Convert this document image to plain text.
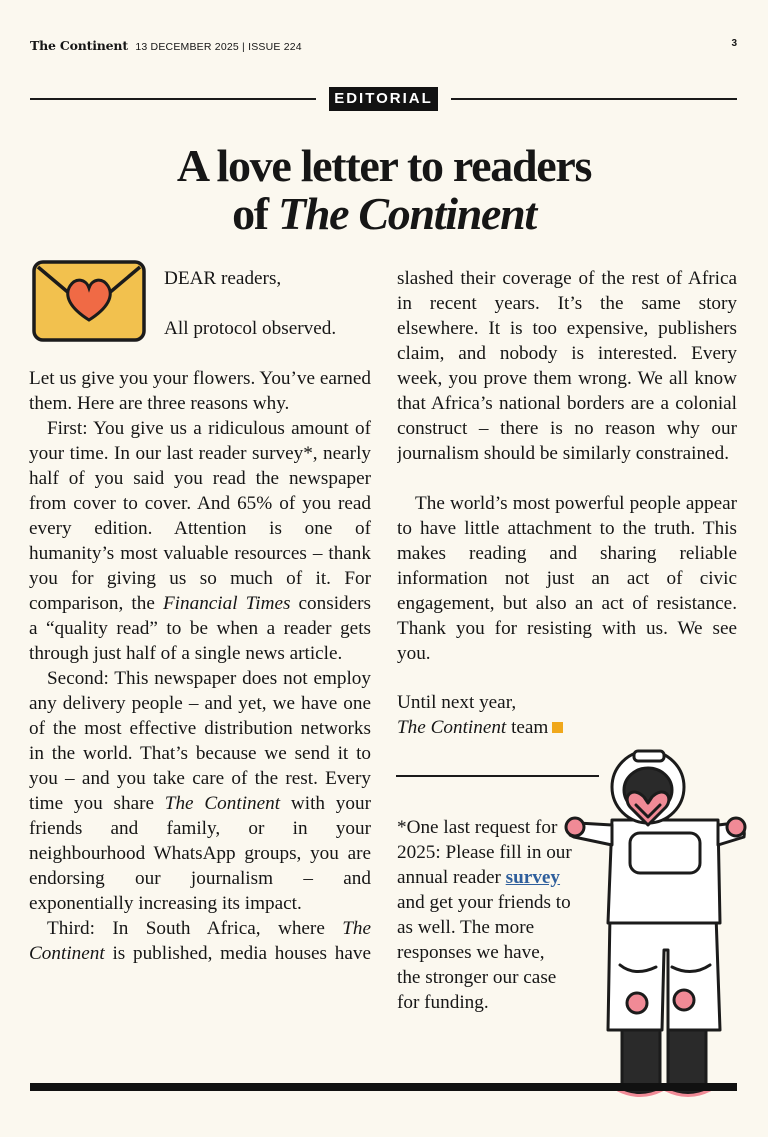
The Continent 13 DECEMBER 2025 | ISSUE 224	3
EDITORIAL
A love letter to readers
of The Continent

DEAR readers,

All protocol observed.

Let us give you your flowers. You’ve earned them. Here are three reasons why.

First: You give us a ridiculous amount of your time. In our last reader survey*, nearly half of you said you read the newspaper from cover to cover. And 65% of you read every edition. Attention is one of humanity’s most valuable resources – thank you for giving us so much of it. For comparison, the Financial Times considers a “quality read” to be when a reader gets through just half of a single news article.

Second: This newspaper does not employ any delivery people – and yet, we have one of the most effective distribution networks in the world. That’s because we send it to you – and you take care of the rest. Every time you share The Continent with your friends and family, or in your neighbourhood WhatsApp groups, you are endorsing our journalism – and exponentially increasing its impact.

Third: In South Africa, where The Continent is published, media houses have

slashed their coverage of the rest of Africa in recent years. It’s the same story elsewhere. It is too expensive, publishers claim, and nobody is interested. Every week, you prove them wrong. We all know that Africa’s national borders are a colonial construct – there is no reason why our journalism should be similarly constrained.

The world’s most powerful people appear to have little attachment to the truth. This makes reading and sharing reliable information not just an act of civic engagement, but also an act of resistance. Thank you for resisting with us. We see you.

Until next year,
The Continent team

*One last request for 2025: Please fill in our annual reader survey and get your friends to as well. The more responses we have, the stronger our case for funding.
